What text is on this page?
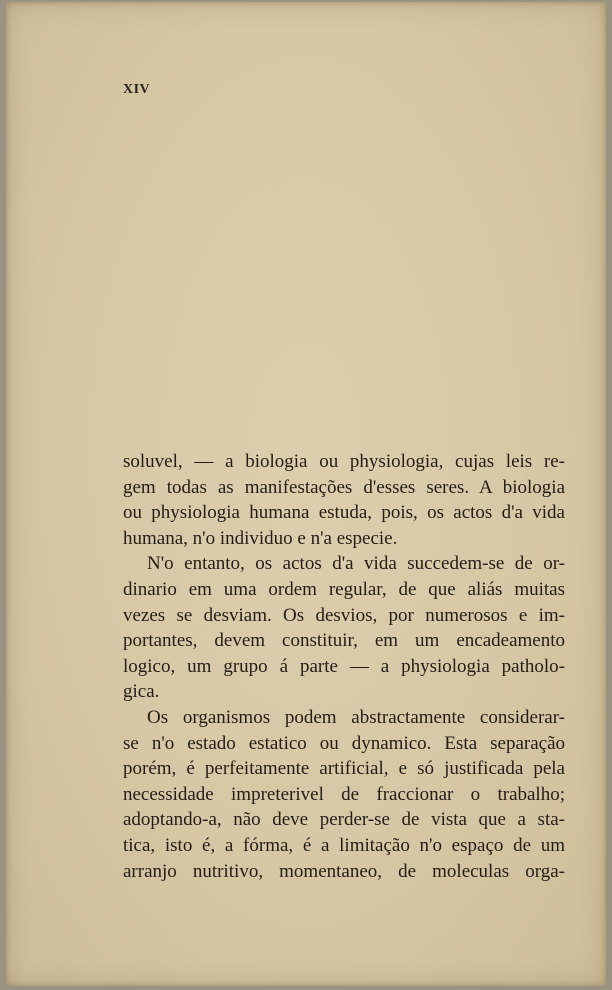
XIV
soluvel, — a biologia ou physiologia, cujas leis re-
gem todas as manifestações d'esses seres. A biologia
ou physiologia humana estuda, pois, os actos d'a vida
humana, n'o individuo e n'a especie.
N'o entanto, os actos d'a vida succedem-se de or-
dinario em uma ordem regular, de que aliás muitas
vezes se desviam. Os desvios, por numerosos e im-
portantes, devem constituir, em um encadeamento
logico, um grupo á parte — a physiologia patholo-
gica.
Os organismos podem abstractamente considerar-
se n'o estado estatico ou dynamico. Esta separação
porém, é perfeitamente artificial, e só justificada pela
necessidade impreterivel de fraccionar o trabalho;
adoptando-a, não deve perder-se de vista que a sta-
tica, isto é, a fórma, é a limitação n'o espaço de um
arranjo nutritivo, momentaneo, de moleculas orga-
